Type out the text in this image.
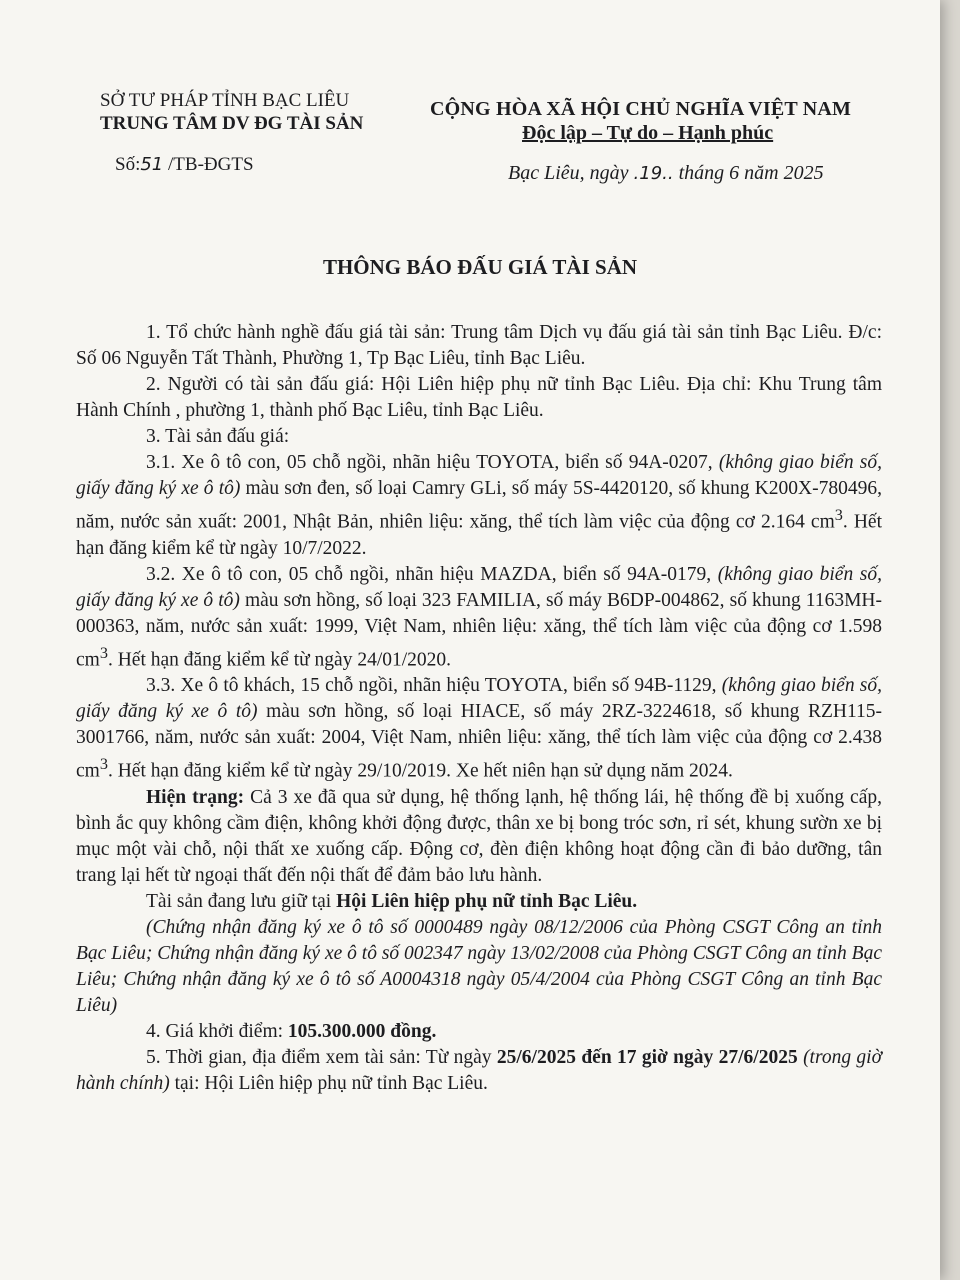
SỞ TƯ PHÁP TỈNH BẠC LIÊU
TRUNG TÂM DV ĐG TÀI SẢN
Số:51 /TB-ĐGTS
CỘNG HÒA XÃ HỘI CHỦ NGHĨA VIỆT NAM
Độc lập – Tự do – Hạnh phúc
Bạc Liêu, ngày .19.. tháng 6 năm 2025
THÔNG BÁO ĐẤU GIÁ TÀI SẢN

1. Tổ chức hành nghề đấu giá tài sản: Trung tâm Dịch vụ đấu giá tài sản tỉnh Bạc Liêu. Đ/c: Số 06 Nguyễn Tất Thành, Phường 1, Tp Bạc Liêu, tỉnh Bạc Liêu.

2. Người có tài sản đấu giá: Hội Liên hiệp phụ nữ tỉnh Bạc Liêu. Địa chỉ: Khu Trung tâm Hành Chính , phường 1, thành phố Bạc Liêu, tỉnh Bạc Liêu.

3. Tài sản đấu giá:

3.1. Xe ô tô con, 05 chỗ ngồi, nhãn hiệu TOYOTA, biển số 94A-0207, (không giao biển số, giấy đăng ký xe ô tô) màu sơn đen, số loại Camry GLi, số máy 5S-4420120, số khung K200X-780496, năm, nước sản xuất: 2001, Nhật Bản, nhiên liệu: xăng, thể tích làm việc của động cơ 2.164 $cm^3$. Hết hạn đăng kiểm kể từ ngày 10/7/2022.

3.2. Xe ô tô con, 05 chỗ ngồi, nhãn hiệu MAZDA, biển số 94A-0179, (không giao biển số, giấy đăng ký xe ô tô) màu sơn hồng, số loại 323 FAMILIA, số máy B6DP-004862, số khung 1163MH-000363, năm, nước sản xuất: 1999, Việt Nam, nhiên liệu: xăng, thể tích làm việc của động cơ 1.598 $cm^3$. Hết hạn đăng kiểm kể từ ngày 24/01/2020.

3.3. Xe ô tô khách, 15 chỗ ngồi, nhãn hiệu TOYOTA, biển số 94B-1129, (không giao biển số, giấy đăng ký xe ô tô) màu sơn hồng, số loại HIACE, số máy 2RZ-3224618, số khung RZH115-3001766, năm, nước sản xuất: 2004, Việt Nam, nhiên liệu: xăng, thể tích làm việc của động cơ 2.438 $cm^3$. Hết hạn đăng kiểm kể từ ngày 29/10/2019. Xe hết niên hạn sử dụng năm 2024.

Hiện trạng: Cả 3 xe đã qua sử dụng, hệ thống lạnh, hệ thống lái, hệ thống đề bị xuống cấp, bình ắc quy không cầm điện, không khởi động được, thân xe bị bong tróc sơn, rỉ sét, khung sườn xe bị mục một vài chỗ, nội thất xe xuống cấp. Động cơ, đèn điện không hoạt động cần đi bảo dưỡng, tân trang lại hết từ ngoại thất đến nội thất để đảm bảo lưu hành.

Tài sản đang lưu giữ tại Hội Liên hiệp phụ nữ tỉnh Bạc Liêu.

(Chứng nhận đăng ký xe ô tô số 0000489 ngày 08/12/2006 của Phòng CSGT Công an tỉnh Bạc Liêu; Chứng nhận đăng ký xe ô tô số 002347 ngày 13/02/2008 của Phòng CSGT Công an tỉnh Bạc Liêu; Chứng nhận đăng ký xe ô tô số A0004318 ngày 05/4/2004 của Phòng CSGT Công an tỉnh Bạc Liêu)

4. Giá khởi điểm: 105.300.000 đồng.

5. Thời gian, địa điểm xem tài sản: Từ ngày 25/6/2025 đến 17 giờ ngày 27/6/2025 (trong giờ hành chính) tại: Hội Liên hiệp phụ nữ tỉnh Bạc Liêu.
